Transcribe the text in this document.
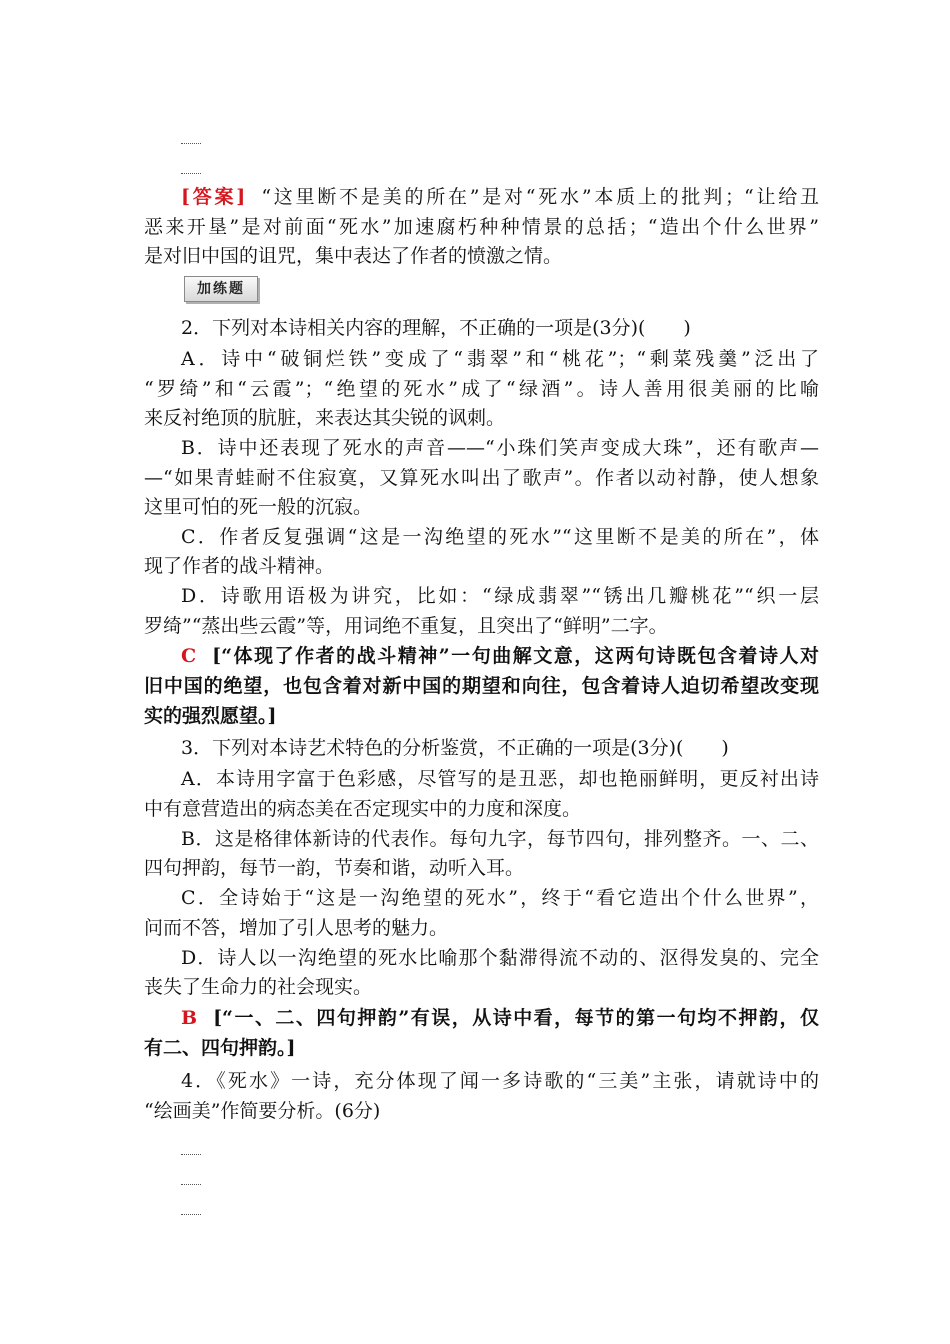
[答案] “这里断不是美的所在”是对“死水”本质上的批判；“让给丑
恶来开垦”是对前面“死水”加速腐朽种种情景的总括；“造出个什么世界”
是对旧中国的诅咒，集中表达了作者的愤激之情。
加练题
2．下列对本诗相关内容的理解，不正确的一项是(3分)(　　)
A．诗中“破铜烂铁”变成了“翡翠”和“桃花”；“剩菜残羹”泛出了
“罗绮”和“云霞”；“绝望的死水”成了“绿酒”。诗人善用很美丽的比喻
来反衬绝顶的肮脏，来表达其尖锐的讽刺。
B．诗中还表现了死水的声音——“小珠们笑声变成大珠”，还有歌声—
—“如果青蛙耐不住寂寞，又算死水叫出了歌声”。作者以动衬静，使人想象
这里可怕的死一般的沉寂。
C．作者反复强调“这是一沟绝望的死水”“这里断不是美的所在”，体
现了作者的战斗精神。
D．诗歌用语极为讲究，比如：“绿成翡翠”“锈出几瓣桃花”“织一层
罗绮”“蒸出些云霞”等，用词绝不重复，且突出了“鲜明”二字。
C [“体现了作者的战斗精神”一句曲解文意，这两句诗既包含着诗人对
旧中国的绝望，也包含着对新中国的期望和向往，包含着诗人迫切希望改变现
实的强烈愿望。]
3．下列对本诗艺术特色的分析鉴赏，不正确的一项是(3分)(　　)
A．本诗用字富于色彩感，尽管写的是丑恶，却也艳丽鲜明，更反衬出诗
中有意营造出的病态美在否定现实中的力度和深度。
B．这是格律体新诗的代表作。每句九字，每节四句，排列整齐。一、二、
四句押韵，每节一韵，节奏和谐，动听入耳。
C．全诗始于“这是一沟绝望的死水”，终于“看它造出个什么世界”，
问而不答，增加了引人思考的魅力。
D．诗人以一沟绝望的死水比喻那个黏滞得流不动的、沤得发臭的、完全
丧失了生命力的社会现实。
B [“一、二、四句押韵”有误，从诗中看，每节的第一句均不押韵，仅
有二、四句押韵。]
4．《死水》一诗，充分体现了闻一多诗歌的“三美”主张，请就诗中的
“绘画美”作简要分析。(6分)
